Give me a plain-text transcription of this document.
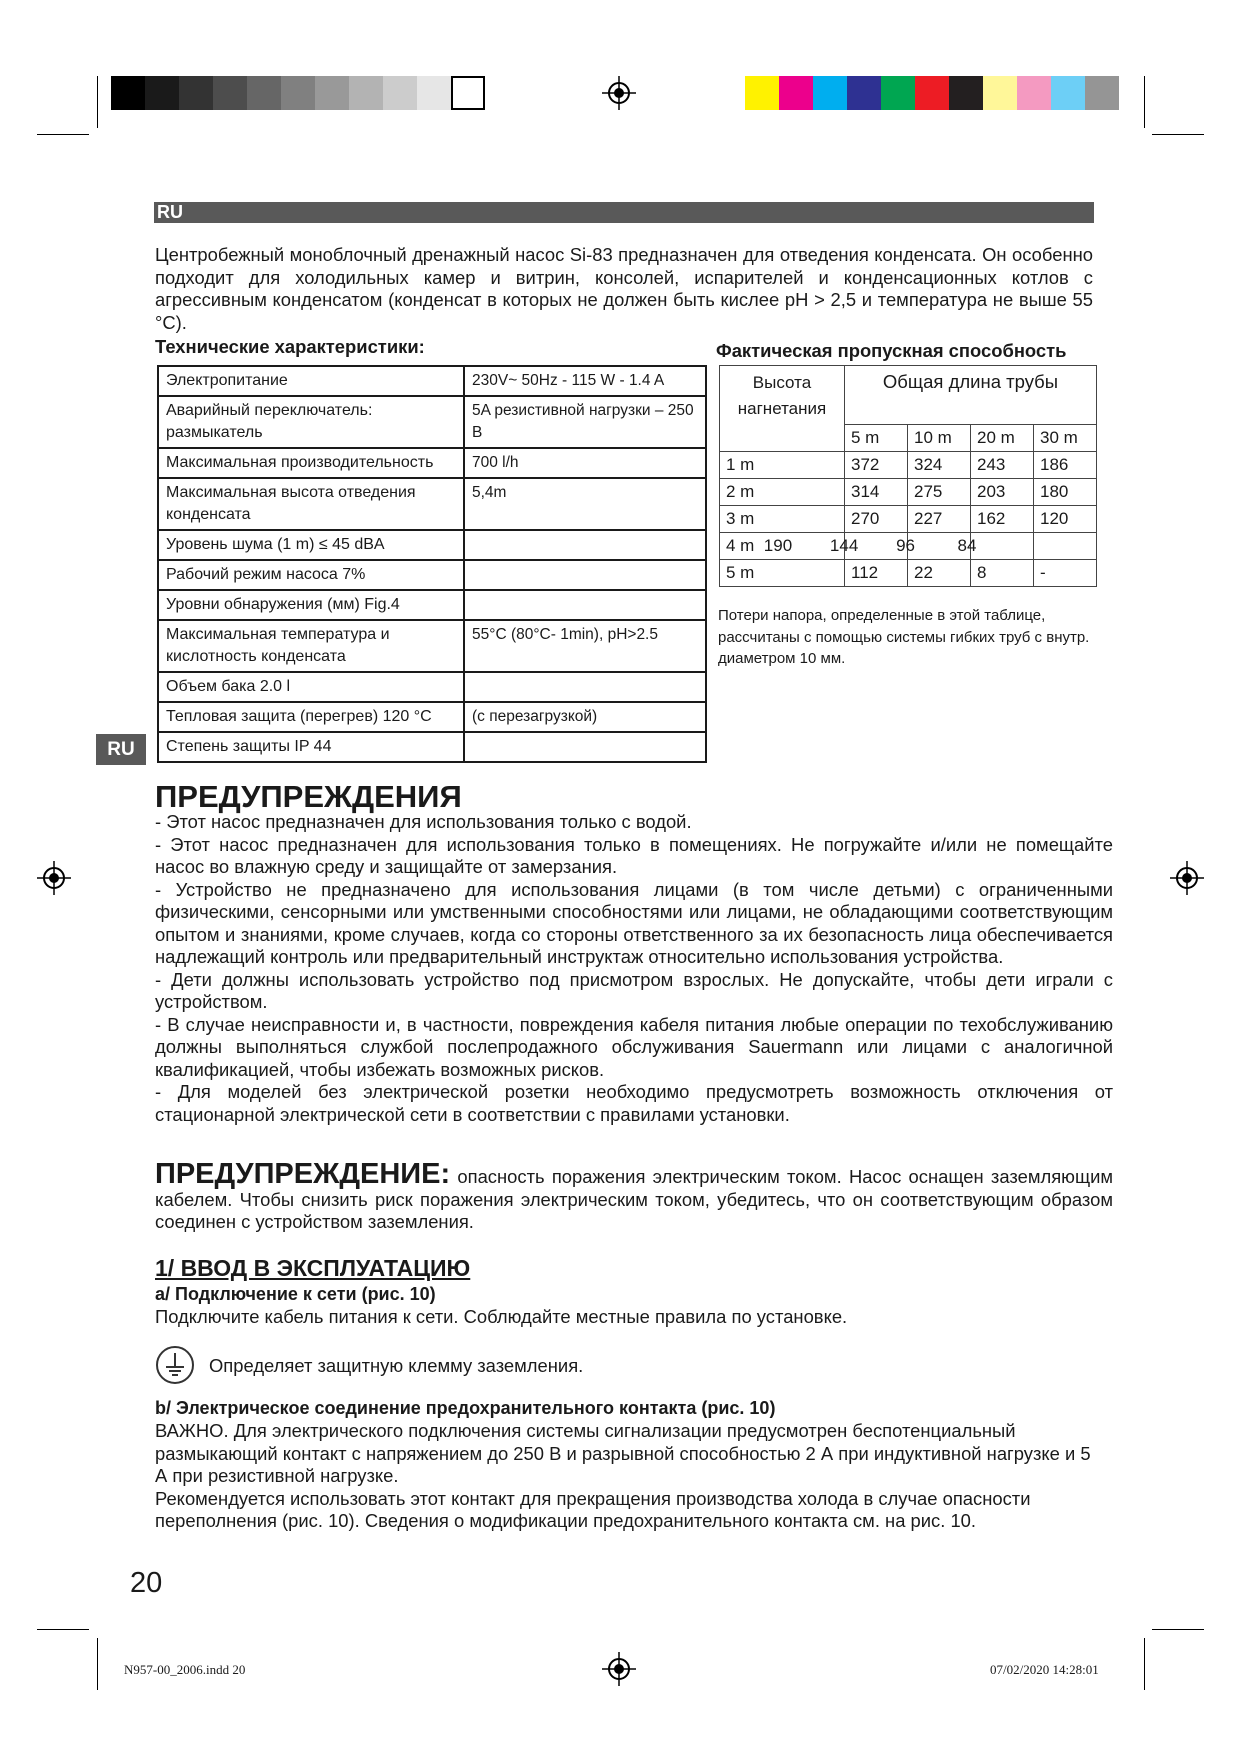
RU
Центробежный моноблочный дренажный насос Si-83 предназначен для отведения конденсата. Он особенно подходит для холодильных камер и витрин, консолей, испарителей и конденсационных котлов с агрессивным конденсатом (конденсат в которых не должен быть кислее pH > 2,5 и температура не выше 55 °C).
Технические характеристики:
Электропитание	230V~ 50Hz - 115 W - 1.4 A
Аварийный переключатель: размыкатель	5A резистивной нагрузки – 250 В
Максимальная производительность	700 l/h
Максимальная высота отведения конденсата	5,4m
Уровень шума (1 m) ≤ 45 dBA	
Рабочий режим насоса 7%	
Уровни обнаружения (мм) Fig.4	
Максимальная температура и кислотность конденсата	55°C (80°C- 1min), pH>2.5
Объем бака 2.0 l	
Тепловая защита (перегрев) 120 °C	(с перезагрузкой)
Степень защиты IP 44	
Фактическая пропускная способность
Высота нагнетания	Общая длина трубы			
	5 m	10 m	20 m	30 m
1 m	372	324	243	186
2 m	314	275	203	180
3 m	270	227	162	120
4 m  190        144        96         84				
5 m	112	22	8	-
Потери напора, определенные в этой таблице, рассчитаны с помощью системы гибких труб с внутр. диаметром 10 мм.
RU
ПРЕДУПРЕЖДЕНИЯ
- Этот насос предназначен для использования только с водой.
- Этот насос предназначен для использования только в помещениях. Не погружайте и/или не помещайте насос во влажную среду и защищайте от замерзания.
- Устройство не предназначено для использования лицами (в том числе детьми) с ограниченными физическими, сенсорными или умственными способностями или лицами, не обладающими соответствующим опытом и знаниями, кроме случаев, когда со стороны ответственного за их безопасность лица обеспечивается надлежащий контроль или предварительный инструктаж относительно использования устройства.
- Дети должны использовать устройство под присмотром взрослых. Не допускайте, чтобы дети играли с устройством.
- В случае неисправности и, в частности, повреждения кабеля питания любые операции по техобслуживанию должны выполняться службой послепродажного обслуживания Sauermann или лицами с аналогичной квалификацией, чтобы избежать возможных рисков.
- Для моделей без электрической розетки необходимо предусмотреть возможность отключения от стационарной электрической сети в соответствии с правилами установки.
ПРЕДУПРЕЖДЕНИЕ: опасность поражения электрическим током. Насос оснащен заземляющим кабелем. Чтобы снизить риск поражения электрическим током, убедитесь, что он соответствующим образом соединен с устройством заземления.
1/ ВВОД В ЭКСПЛУАТАЦИЮ
a/ Подключение к сети (рис. 10)
Подключите кабель питания к сети. Соблюдайте местные правила по установке.
Определяет защитную клемму заземления.
b/ Электрическое соединение предохранительного контакта (рис. 10)
ВАЖНО. Для электрического подключения системы сигнализации предусмотрен беспотенциальный размыкающий контакт с напряжением до 250 В и разрывной способностью 2 А при индуктивной нагрузке и 5 А при резистивной нагрузке.
Рекомендуется использовать этот контакт для прекращения производства холода в случае опасности переполнения (рис. 10). Сведения о модификации предохранительного контакта см. на рис. 10.
20
N957-00_2006.indd 20	07/02/2020 14:28:01
